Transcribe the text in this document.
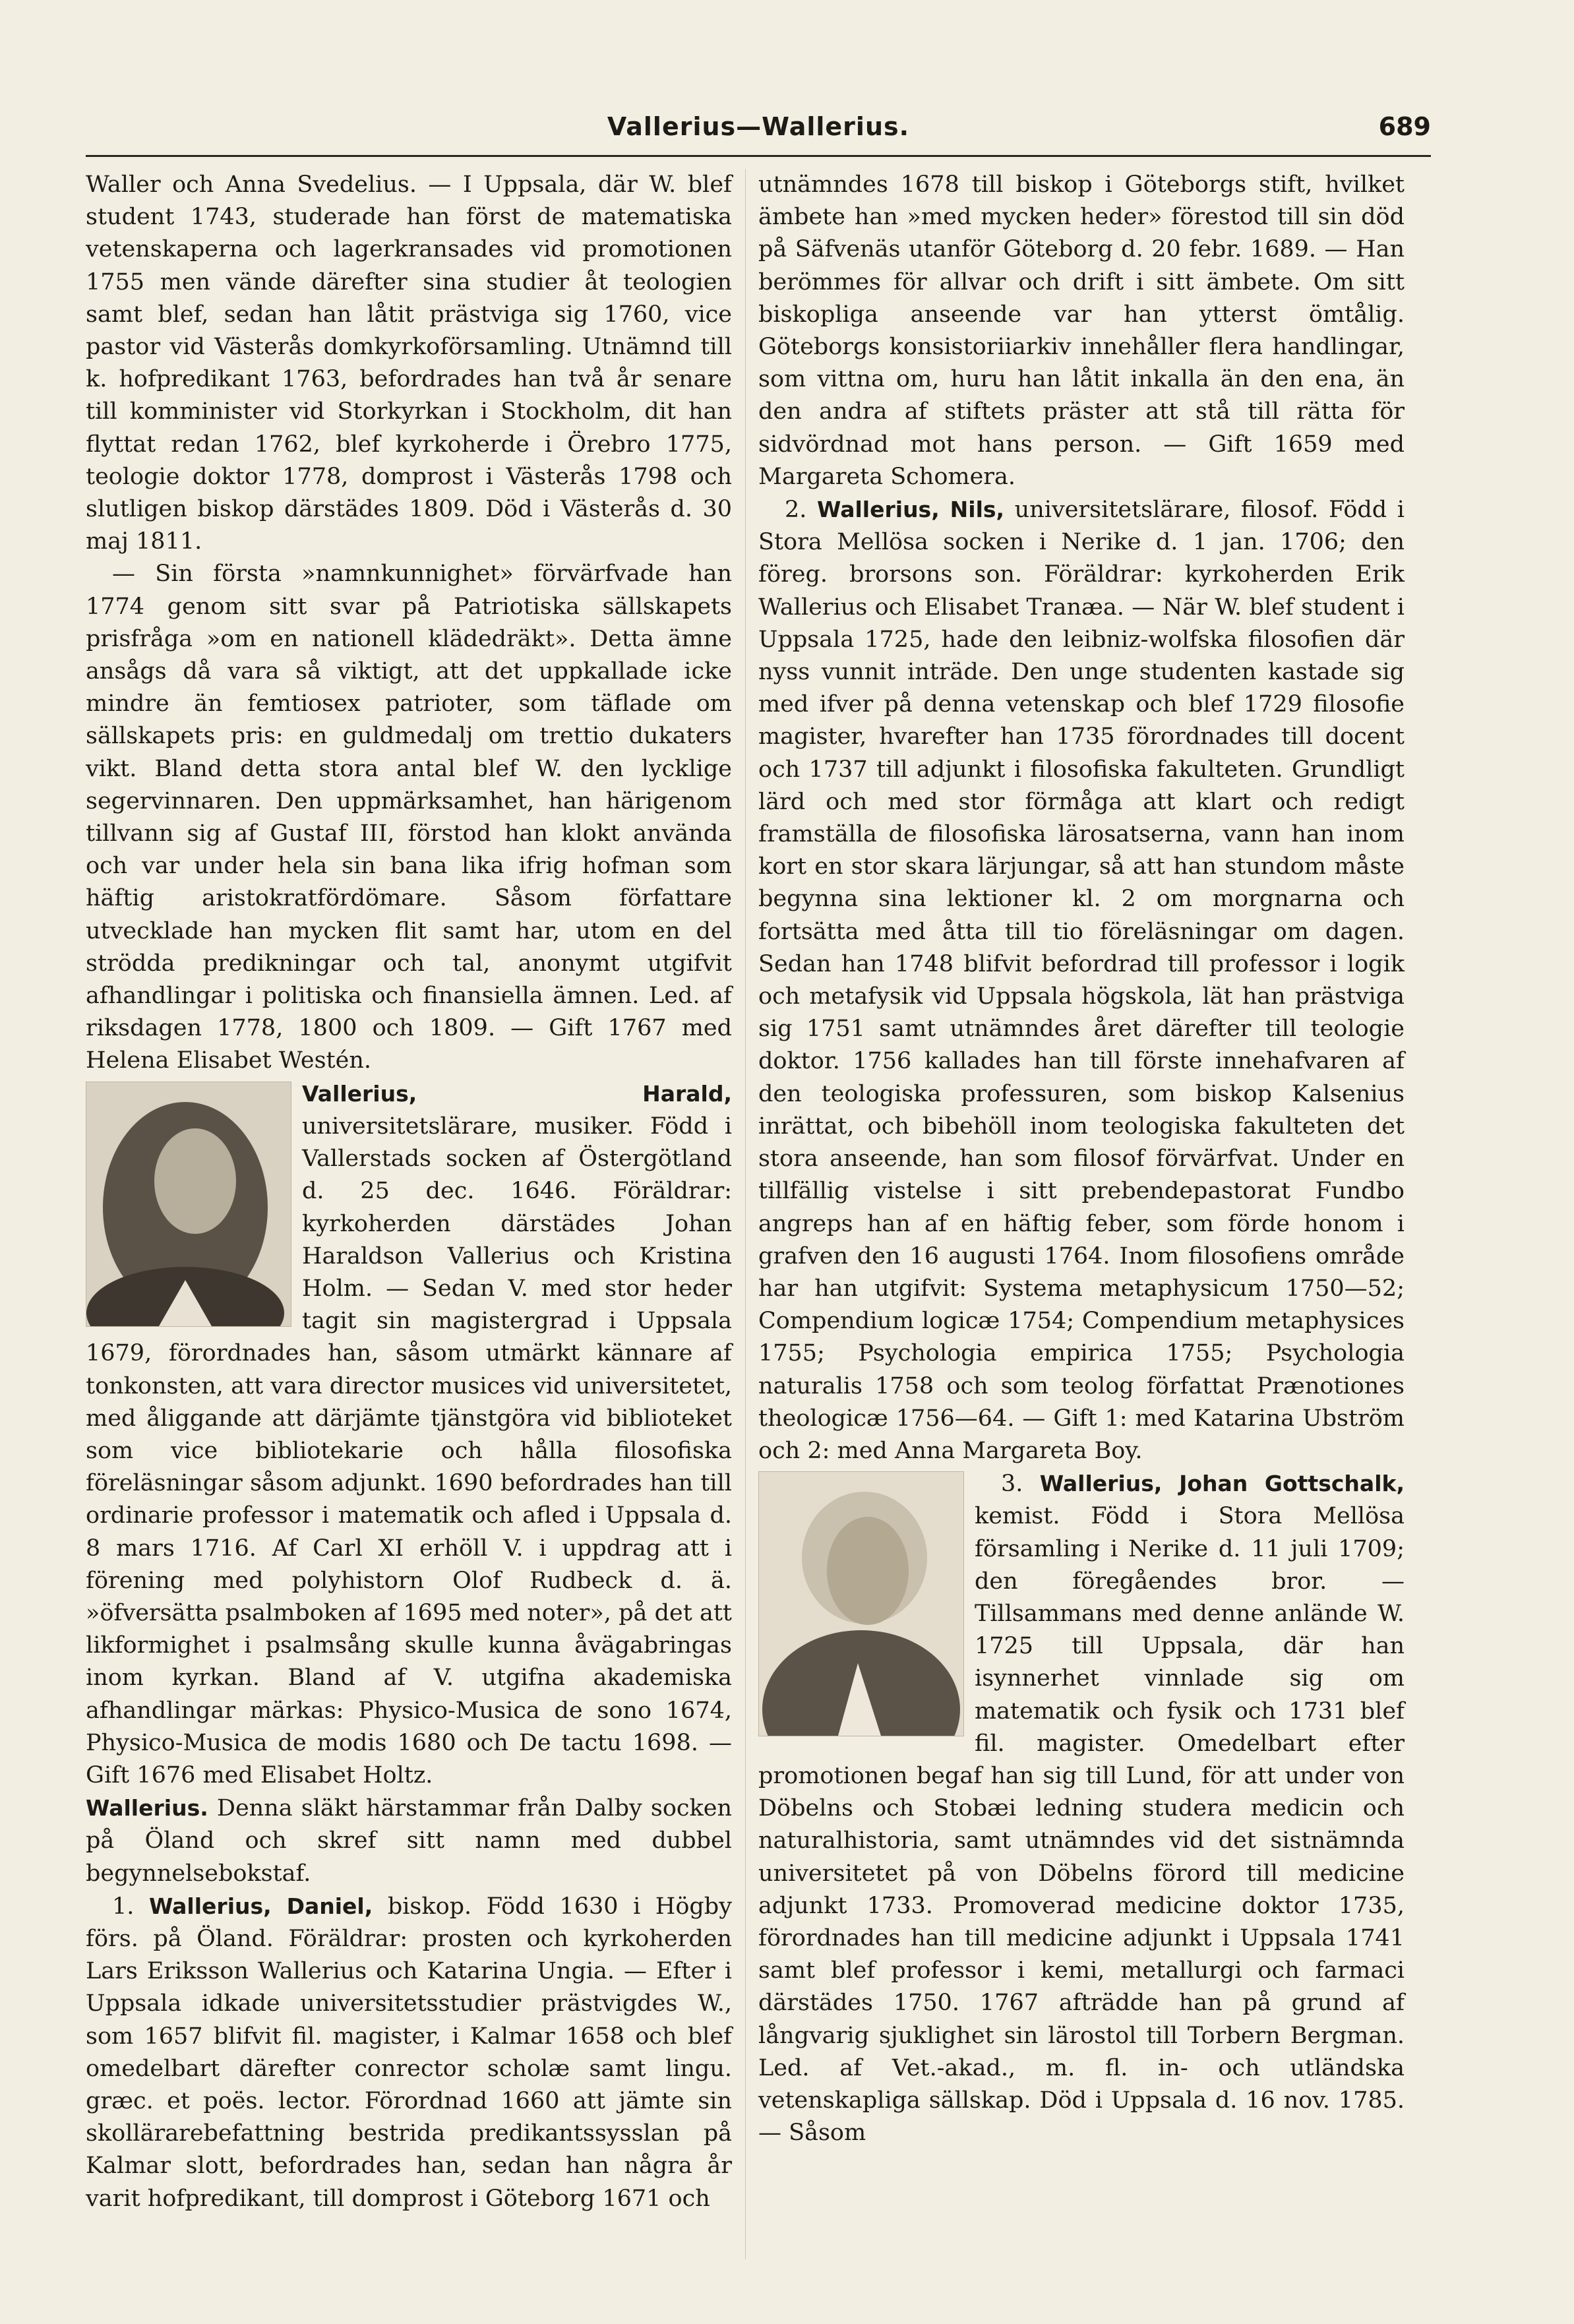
Vallerius—Wallerius.	689

Waller och Anna Svedelius. — I Uppsala, där W. blef student 1743, studerade han först de matematiska vetenskaperna och lagerkransades vid promotionen 1755 men vände därefter sina studier åt teologien samt blef, sedan han låtit prästviga sig 1760, vice pastor vid Västerås domkyrkoförsamling. Utnämnd till k. hofpredikant 1763, befordrades han två år senare till komminister vid Storkyrkan i Stockholm, dit han flyttat redan 1762, blef kyrkoherde i Örebro 1775, teologie doktor 1778, domprost i Västerås 1798 och slutligen biskop därstädes 1809. Död i Västerås d. 30 maj 1811.

— Sin första »namnkunnighet» förvärfvade han 1774 genom sitt svar på Patriotiska sällskapets prisfråga »om en nationell klädedräkt». Detta ämne ansågs då vara så viktigt, att det uppkallade icke mindre än femtiosex patrioter, som täflade om sällskapets pris: en guldmedalj om trettio dukaters vikt. Bland detta stora antal blef W. den lycklige segervinnaren. Den uppmärksamhet, han härigenom tillvann sig af Gustaf III, förstod han klokt använda och var under hela sin bana lika ifrig hofman som häftig aristokratfördömare. Såsom författare utvecklade han mycken flit samt har, utom en del strödda predikningar och tal, anonymt utgifvit afhandlingar i politiska och finansiella ämnen. Led. af riksdagen 1778, 1800 och 1809. — Gift 1767 med Helena Elisabet Westén.

Vallerius, Harald,
universitetslärare, musiker. Född i Vallerstads socken af Östergötland d. 25 dec. 1646. Föräldrar: kyrkoherden därstädes Johan Haraldson Vallerius och Kristina Holm. — Sedan V. med stor heder tagit sin magistergrad i Uppsala 1679, förordnades han, såsom utmärkt kännare af tonkonsten, att vara director musices vid universitetet, med åliggande att därjämte tjänstgöra vid biblioteket som vice bibliotekarie och hålla filosofiska föreläsningar såsom adjunkt. 1690 befordrades han till ordinarie professor i matematik och afled i Uppsala d. 8 mars 1716. Af Carl XI erhöll V. i uppdrag att i förening med polyhistorn Olof Rudbeck d. ä. »öfversätta psalmboken af 1695 med noter», på det att likformighet i psalmsång skulle kunna åvägabringas inom kyrkan. Bland af V. utgifna akademiska afhandlingar märkas: Physico-Musica de sono 1674, Physico-Musica de modis 1680 och De tactu 1698. — Gift 1676 med Elisabet Holtz.

Wallerius. Denna släkt härstammar från Dalby socken på Öland och skref sitt namn med dubbel begynnelsebokstaf.

1. Wallerius, Daniel, biskop. Född 1630 i Högby förs. på Öland. Föräldrar: prosten och kyrkoherden Lars Eriksson Wallerius och Katarina Ungia. — Efter i Uppsala idkade universitetsstudier prästvigdes W., som 1657 blifvit fil. magister, i Kalmar 1658 och blef omedelbart därefter conrector scholæ samt lingu. græc. et poës. lector. Förordnad 1660 att jämte sin skollärarebefattning bestrida predikantssysslan på Kalmar slott, befordrades han, sedan han några år varit hofpredikant, till domprost i Göteborg 1671 och

utnämndes 1678 till biskop i Göteborgs stift, hvilket ämbete han »med mycken heder» förestod till sin död på Säfvenäs utanför Göteborg d. 20 febr. 1689. — Han berömmes för allvar och drift i sitt ämbete. Om sitt biskopliga anseende var han ytterst ömtålig. Göteborgs konsistoriiarkiv innehåller flera handlingar, som vittna om, huru han låtit inkalla än den ena, än den andra af stiftets präster att stå till rätta för sidvördnad mot hans person. — Gift 1659 med Margareta Schomera.

2. Wallerius, Nils, universitetslärare, filosof. Född i Stora Mellösa socken i Nerike d. 1 jan. 1706; den föreg. brorsons son. Föräldrar: kyrkoherden Erik Wallerius och Elisabet Tranæa. — När W. blef student i Uppsala 1725, hade den leibniz-wolfska filosofien där nyss vunnit inträde. Den unge studenten kastade sig med ifver på denna vetenskap och blef 1729 filosofie magister, hvarefter han 1735 förordnades till docent och 1737 till adjunkt i filosofiska fakulteten. Grundligt lärd och med stor förmåga att klart och redigt framställa de filosofiska lärosatserna, vann han inom kort en stor skara lärjungar, så att han stundom måste begynna sina lektioner kl. 2 om morgnarna och fortsätta med åtta till tio föreläsningar om dagen. Sedan han 1748 blifvit befordrad till professor i logik och metafysik vid Uppsala högskola, lät han prästviga sig 1751 samt utnämndes året därefter till teologie doktor. 1756 kallades han till förste innehafvaren af den teologiska professuren, som biskop Kalsenius inrättat, och bibehöll inom teologiska fakulteten det stora anseende, han som filosof förvärfvat. Under en tillfällig vistelse i sitt prebendepastorat Fundbo angreps han af en häftig feber, som förde honom i grafven den 16 augusti 1764. Inom filosofiens område har han utgifvit: Systema metaphysicum 1750—52; Compendium logicæ 1754; Compendium metaphysices 1755; Psychologia empirica 1755; Psychologia naturalis 1758 och som teolog författat Prænotiones theologicæ 1756—64. — Gift 1: med Katarina Ubström och 2: med Anna Margareta Boy.

3. Wallerius, Johan Gottschalk,
kemist. Född i Stora Mellösa församling i Nerike d. 11 juli 1709; den föregåendes bror. — Tillsammans med denne anlände W. 1725 till Uppsala, där han isynnerhet vinnlade sig om matematik och fysik och 1731 blef fil. magister. Omedelbart efter promotionen begaf han sig till Lund, för att under von Döbelns och Stobæi ledning studera medicin och naturalhistoria, samt utnämndes vid det sistnämnda universitetet på von Döbelns förord till medicine adjunkt 1733. Promoverad medicine doktor 1735, förordnades han till medicine adjunkt i Uppsala 1741 samt blef professor i kemi, metallurgi och farmaci därstädes 1750. 1767 afträdde han på grund af långvarig sjuklighet sin lärostol till Torbern Bergman. Led. af Vet.-akad., m. fl. in- och utländska vetenskapliga sällskap. Död i Uppsala d. 16 nov. 1785. — Såsom
